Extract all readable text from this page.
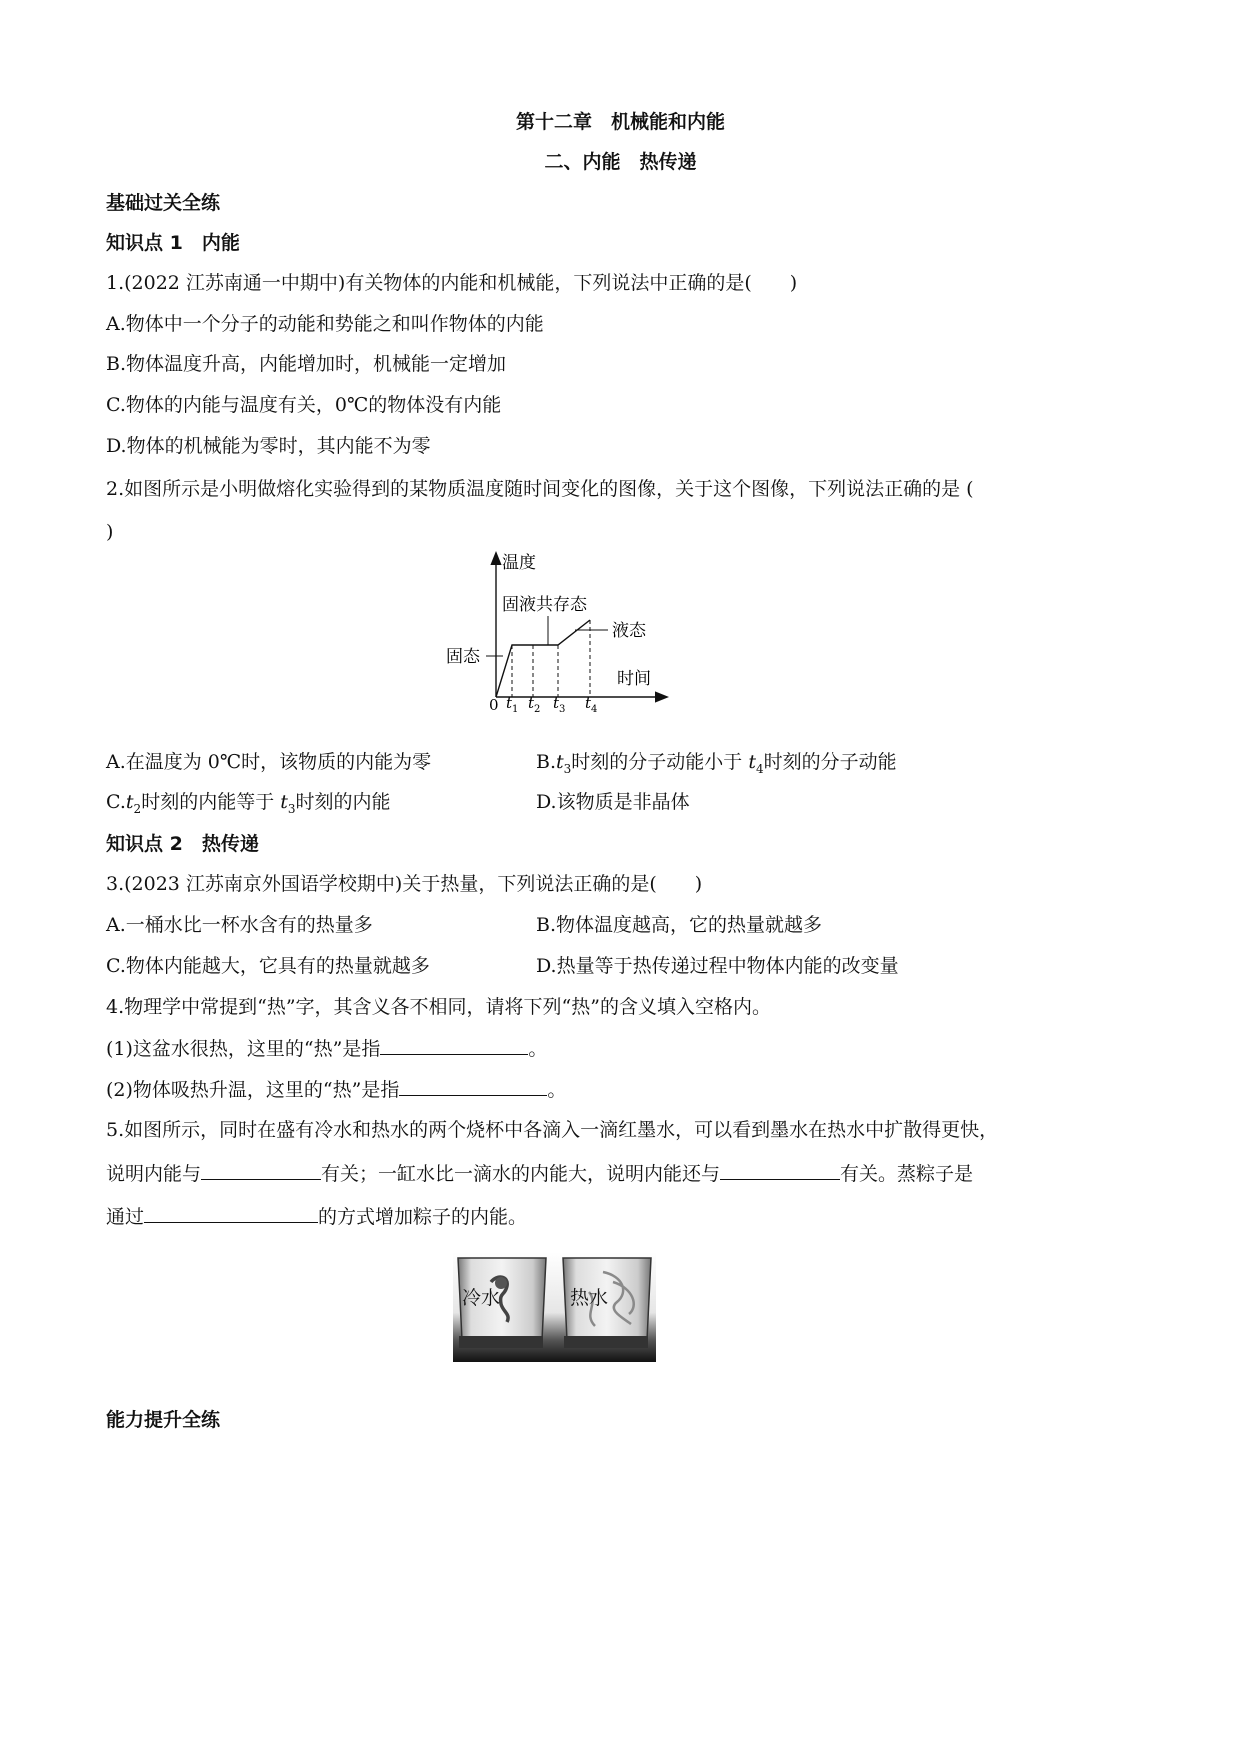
第十二章　机械能和内能
二、内能　热传递
基础过关全练
知识点 1　内能
1.(2022 江苏南通一中期中)有关物体的内能和机械能，下列说法中正确的是(　　)
A.物体中一个分子的动能和势能之和叫作物体的内能
B.物体温度升高，内能增加时，机械能一定增加
C.物体的内能与温度有关，0℃的物体没有内能
D.物体的机械能为零时，其内能不为零
2.如图所示是小明做熔化实验得到的某物质温度随时间变化的图像，关于这个图像，下列说法正确的是 (
)
温度
固液共存态
液态
固态
时间
0 $t_1$ $t_2$ $t_3$ $t_4$
A.在温度为 0℃时，该物质的内能为零	$B.t_3$时刻的分子动能小于 $t_4$时刻的分子动能
$C.t_2$时刻的内能等于 $t_3$时刻的内能	D.该物质是非晶体
知识点 2　热传递
3.(2023 江苏南京外国语学校期中)关于热量，下列说法正确的是(　　)
A.一桶水比一杯水含有的热量多	B.物体温度越高，它的热量就越多
C.物体内能越大，它具有的热量就越多	D.热量等于热传递过程中物体内能的改变量
4.物理学中常提到“热”字，其含义各不相同，请将下列“热”的含义填入空格内。
(1)这盆水很热，这里的“热”是指	。
(2)物体吸热升温，这里的“热”是指	。
5.如图所示，同时在盛有冷水和热水的两个烧杯中各滴入一滴红墨水，可以看到墨水在热水中扩散得更快，
说明内能与	有关；一缸水比一滴水的内能大，说明内能还与	有关。蒸粽子是
通过	的方式增加粽子的内能。
冷水	热水
能力提升全练
